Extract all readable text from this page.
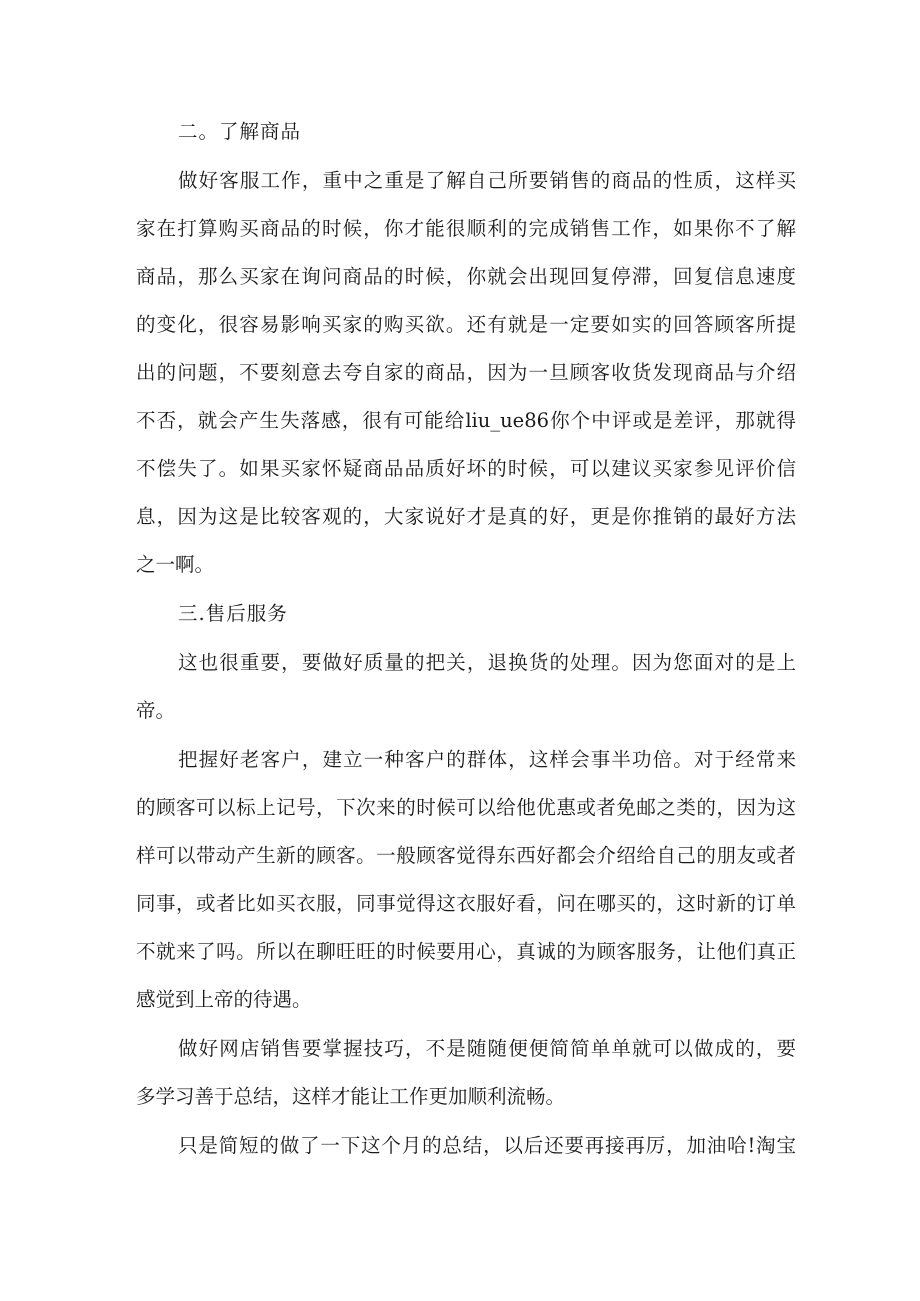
二。了解商品
做好客服工作，重中之重是了解自己所要销售的商品的性质，这样买
家在打算购买商品的时候，你才能很顺利的完成销售工作，如果你不了解
商品，那么买家在询问商品的时候，你就会出现回复停滞，回复信息速度
的变化，很容易影响买家的购买欲。还有就是一定要如实的回答顾客所提
出的问题，不要刻意去夸自家的商品，因为一旦顾客收货发现商品与介绍
不否，就会产生失落感，很有可能给liu_ue86你个中评或是差评，那就得
不偿失了。如果买家怀疑商品品质好坏的时候，可以建议买家参见评价信
息，因为这是比较客观的，大家说好才是真的好，更是你推销的最好方法
之一啊。
三.售后服务
这也很重要，要做好质量的把关，退换货的处理。因为您面对的是上
帝。
把握好老客户，建立一种客户的群体，这样会事半功倍。对于经常来
的顾客可以标上记号，下次来的时候可以给他优惠或者免邮之类的，因为这
样可以带动产生新的顾客。一般顾客觉得东西好都会介绍给自己的朋友或者
同事，或者比如买衣服，同事觉得这衣服好看，问在哪买的，这时新的订单
不就来了吗。所以在聊旺旺的时候要用心，真诚的为顾客服务，让他们真正
感觉到上帝的待遇。
做好网店销售要掌握技巧，不是随随便便简简单单就可以做成的，要
多学习善于总结，这样才能让工作更加顺利流畅。
只是简短的做了一下这个月的总结，以后还要再接再厉，加油哈!淘宝
